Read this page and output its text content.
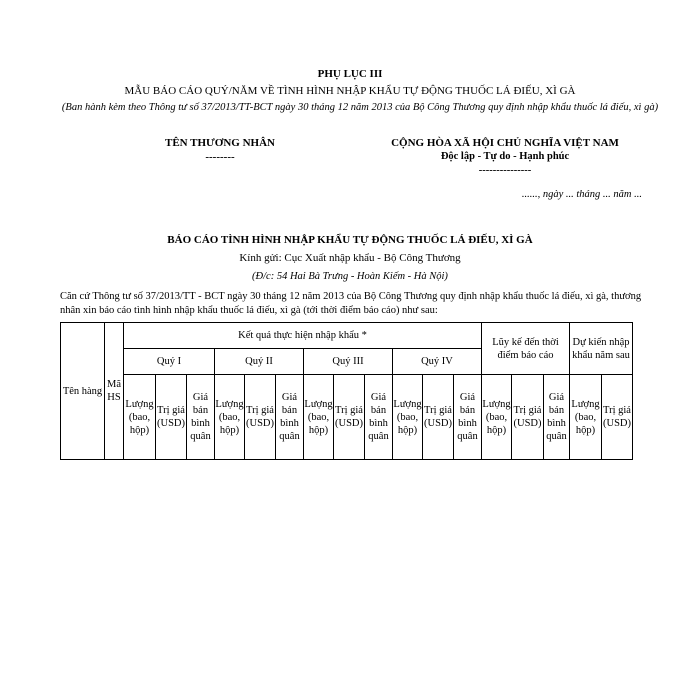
PHỤ LỤC III
MẪU BÁO CÁO QUÝ/NĂM VỀ TÌNH HÌNH NHẬP KHẨU TỰ ĐỘNG THUỐC LÁ ĐIẾU, XÌ GÀ
(Ban hành kèm theo Thông tư số 37/2013/TT-BCT ngày 30 tháng 12 năm 2013 của Bộ Công Thương quy định nhập khẩu thuốc lá điếu, xì gà)
TÊN THƯƠNG NHÂN
--------
CỘNG HÒA XÃ HỘI CHỦ NGHĨA VIỆT NAM
Độc lập - Tự do - Hạnh phúc
---------------
......, ngày ... tháng ... năm ...
BÁO CÁO TÌNH HÌNH NHẬP KHẨU TỰ ĐỘNG THUỐC LÁ ĐIẾU, XÌ GÀ
Kính gửi: Cục Xuất nhập khẩu - Bộ Công Thương
(Đ/c: 54 Hai Bà Trưng - Hoàn Kiếm - Hà Nội)
Căn cứ Thông tư số 37/2013/TT - BCT ngày 30 tháng 12 năm 2013 của Bộ Công Thương quy định nhập khẩu thuốc lá điếu, xì gà, thương nhân xin báo cáo tình hình nhập khẩu thuốc lá điếu, xì gà (tới thời điểm báo cáo) như sau:
Tên hàng	Mã HS	Kết quả thực hiện nhập khẩu *												Lũy kế đến thời điểm báo cáo			Dự kiến nhập khẩu năm sau	
		Quý I			Quý II			Quý III			Quý IV							
		Lượng (bao, hộp)	Trị giá (USD)	Giá bán bình quân	Lượng (bao, hộp)	Trị giá (USD)	Giá bán bình quân	Lượng (bao, hộp)	Trị giá (USD)	Giá bán bình quân	Lượng (bao, hộp)	Trị giá (USD)	Giá bán bình quân	Lượng (bao, hộp)	Trị giá (USD)	Giá bán bình quân	Lượng (bao, hộp)	Trị giá (USD)
